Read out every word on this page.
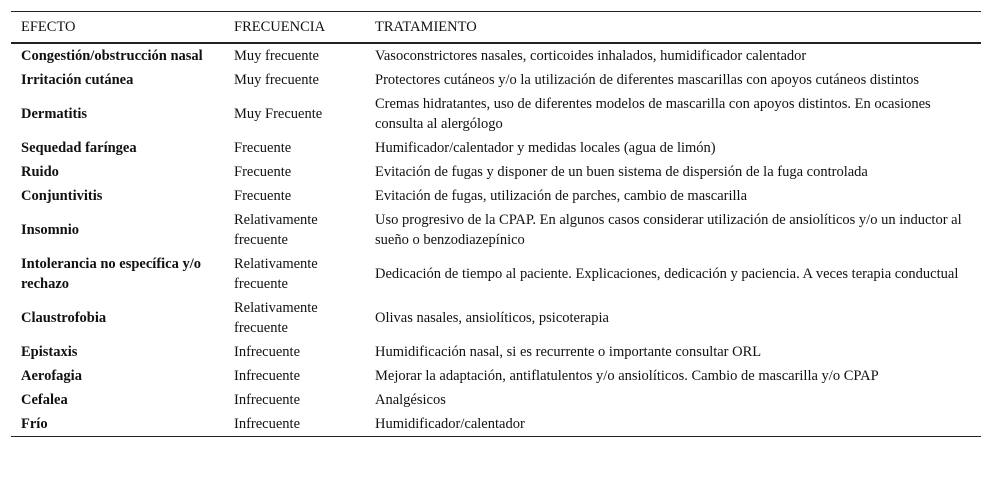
EFECTO	FRECUENCIA	TRATAMIENTO
Congestión/obstrucción nasal	Muy frecuente	Vasoconstrictores nasales, corticoides inhalados, humidificador calentador
Irritación cutánea	Muy frecuente	Protectores cutáneos y/o la utilización de diferentes mascarillas con apoyos cutáneos distintos
Dermatitis	Muy Frecuente	Cremas hidratantes, uso de diferentes modelos de mascarilla con apoyos distintos. En ocasiones consulta al alergólogo
Sequedad faríngea	Frecuente	Humificador/calentador y medidas locales (agua de limón)
Ruido	Frecuente	Evitación de fugas y disponer de un buen sistema de dispersión de la fuga controlada
Conjuntivitis	Frecuente	Evitación de fugas, utilización de parches, cambio de mascarilla
Insomnio	Relativamente frecuente	Uso progresivo de la CPAP. En algunos casos considerar utilización de ansiolíticos y/o un inductor al sueño o benzodiazepínico
Intolerancia no específica y/o rechazo	Relativamente frecuente	Dedicación de tiempo al paciente. Explicaciones, dedicación y paciencia. A veces terapia conductual
Claustrofobia	Relativamente frecuente	Olivas nasales, ansiolíticos, psicoterapia
Epistaxis	Infrecuente	Humidificación nasal, si es recurrente o importante consultar ORL
Aerofagia	Infrecuente	Mejorar la adaptación, antiflatulentos y/o ansiolíticos. Cambio de mascarilla y/o CPAP
Cefalea	Infrecuente	Analgésicos
Frío	Infrecuente	Humidificador/calentador
